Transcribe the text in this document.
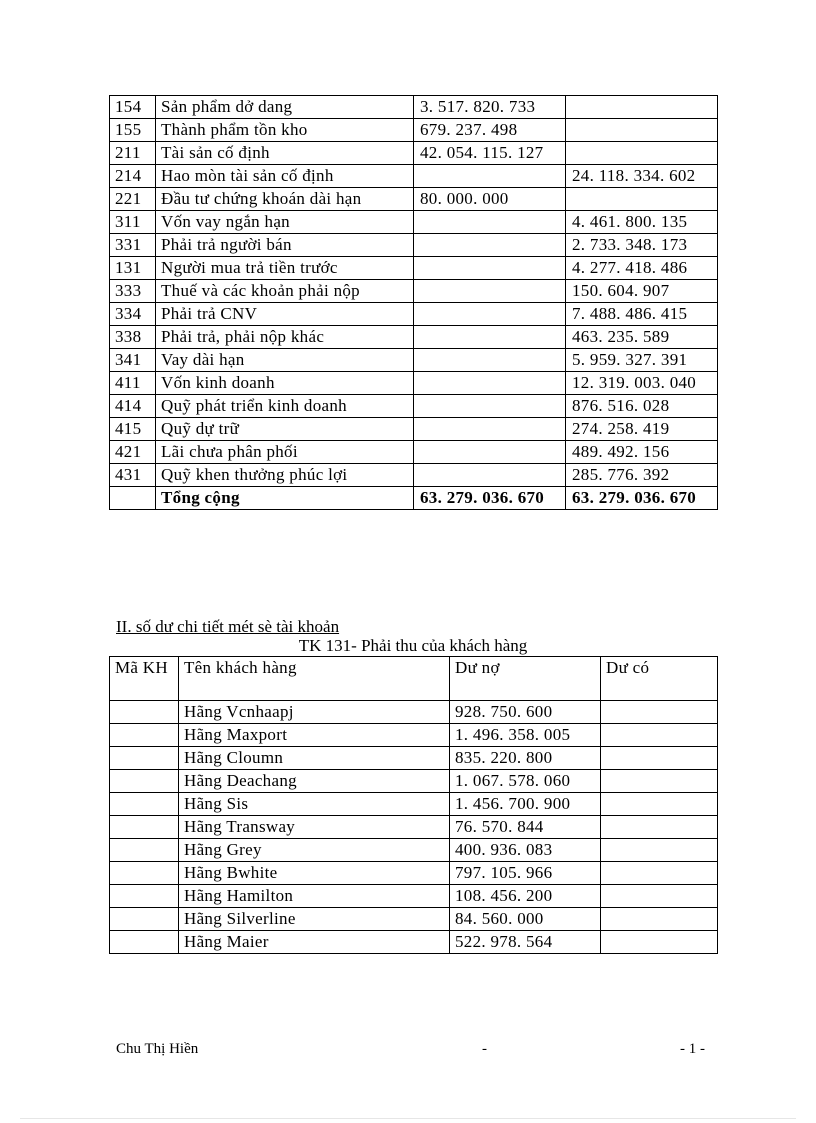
154	Sản phẩm dở dang	3. 517. 820. 733	
155	Thành phẩm tồn kho	679. 237. 498	
211	Tài sản cố định	42. 054. 115. 127	
214	Hao mòn tài sản cố định		24. 118. 334. 602
221	Đầu tư chứng khoán dài hạn	80. 000. 000	
311	Vốn vay ngắn hạn		4. 461. 800. 135
331	Phải trả người bán		2. 733. 348. 173
131	Người mua trả tiền trước		4. 277. 418. 486
333	Thuế và các khoản phải nộp		150. 604. 907
334	Phải trả CNV		7. 488. 486. 415
338	Phải trả, phải nộp khác		463. 235. 589
341	Vay dài hạn		5. 959. 327. 391
411	Vốn kinh doanh		12. 319. 003. 040
414	Quỹ phát triển kinh doanh		876. 516. 028
415	Quỹ dự trữ		274. 258. 419
421	Lãi chưa phân phối		489. 492. 156
431	Quỹ khen thưởng phúc lợi		285. 776. 392
	Tổng cộng	63. 279. 036. 670	63. 279. 036. 670
II. số dư chi tiết mét sè tài khoản
TK 131- Phải thu của khách hàng
Mã KH	Tên khách hàng	Dư nợ	Dư có
	Hãng Vcnhaapj	928. 750. 600	
	Hãng Maxport	1. 496. 358. 005	
	Hãng Cloumn	835. 220. 800	
	Hãng Deachang	1. 067. 578. 060	
	Hãng Sis	1. 456. 700. 900	
	Hãng Transway	76. 570. 844	
	Hãng Grey	400. 936. 083	
	Hãng Bwhite	797. 105. 966	
	Hãng Hamilton	108. 456. 200	
	Hãng Silverline	84. 560. 000	
	Hãng Maier	522. 978. 564	
Chu Thị Hiền	-	- 1 -
